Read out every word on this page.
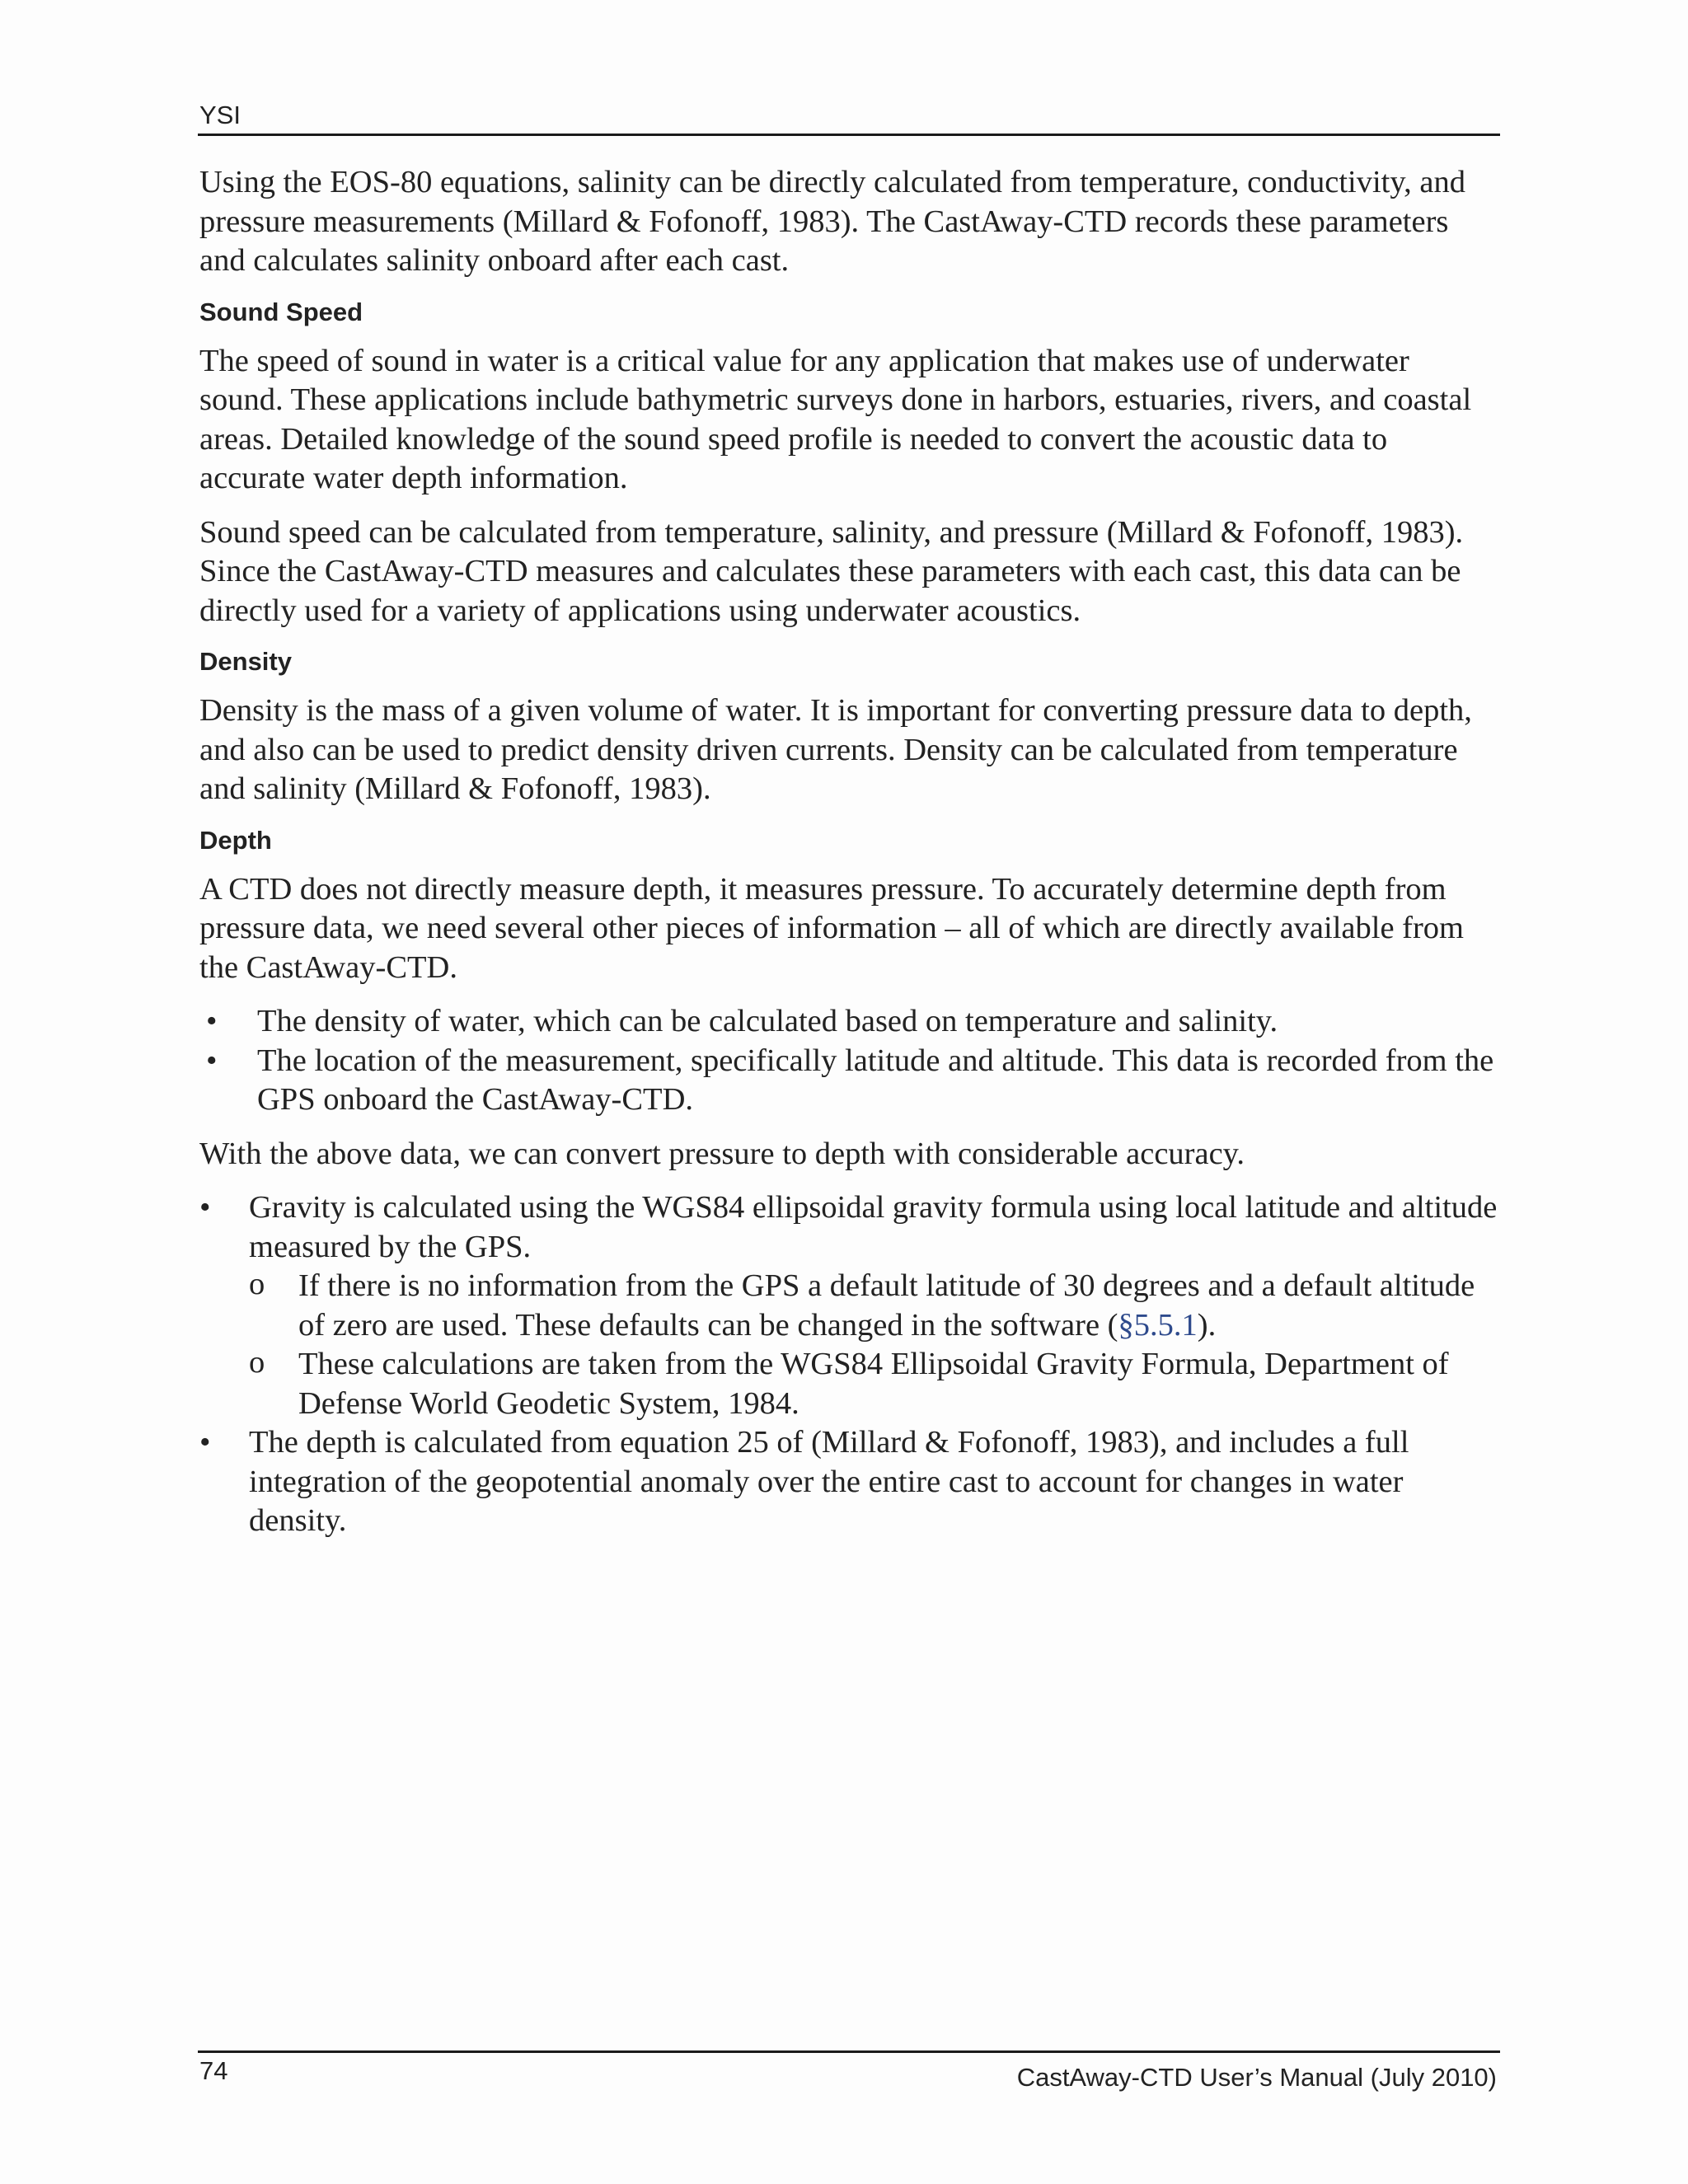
YSI

Using the EOS-80 equations, salinity can be directly calculated from temperature, conductivity, and pressure measurements (Millard & Fofonoff, 1983). The CastAway-CTD records these parameters and calculates salinity onboard after each cast.

Sound Speed

The speed of sound in water is a critical value for any application that makes use of underwater sound. These applications include bathymetric surveys done in harbors, estuaries, rivers, and coastal areas. Detailed knowledge of the sound speed profile is needed to convert the acoustic data to accurate water depth information.

Sound speed can be calculated from temperature, salinity, and pressure (Millard & Fofonoff, 1983). Since the CastAway-CTD measures and calculates these parameters with each cast, this data can be directly used for a variety of applications using underwater acoustics.

Density

Density is the mass of a given volume of water. It is important for converting pressure data to depth, and also can be used to predict density driven currents. Density can be calculated from temperature and salinity (Millard & Fofonoff, 1983).

Depth

A CTD does not directly measure depth, it measures pressure. To accurately determine depth from pressure data, we need several other pieces of information – all of which are directly available from the CastAway-CTD.

• The density of water, which can be calculated based on temperature and salinity.
• The location of the measurement, specifically latitude and altitude. This data is recorded from the GPS onboard the CastAway-CTD.

With the above data, we can convert pressure to depth with considerable accuracy.

• Gravity is calculated using the WGS84 ellipsoidal gravity formula using local latitude and altitude measured by the GPS.
o If there is no information from the GPS a default latitude of 30 degrees and a default altitude of zero are used. These defaults can be changed in the software (§5.5.1).
o These calculations are taken from the WGS84 Ellipsoidal Gravity Formula, Department of Defense World Geodetic System, 1984.
• The depth is calculated from equation 25 of (Millard & Fofonoff, 1983), and includes a full integration of the geopotential anomaly over the entire cast to account for changes in water density.
74	CastAway-CTD User’s Manual (July 2010)
